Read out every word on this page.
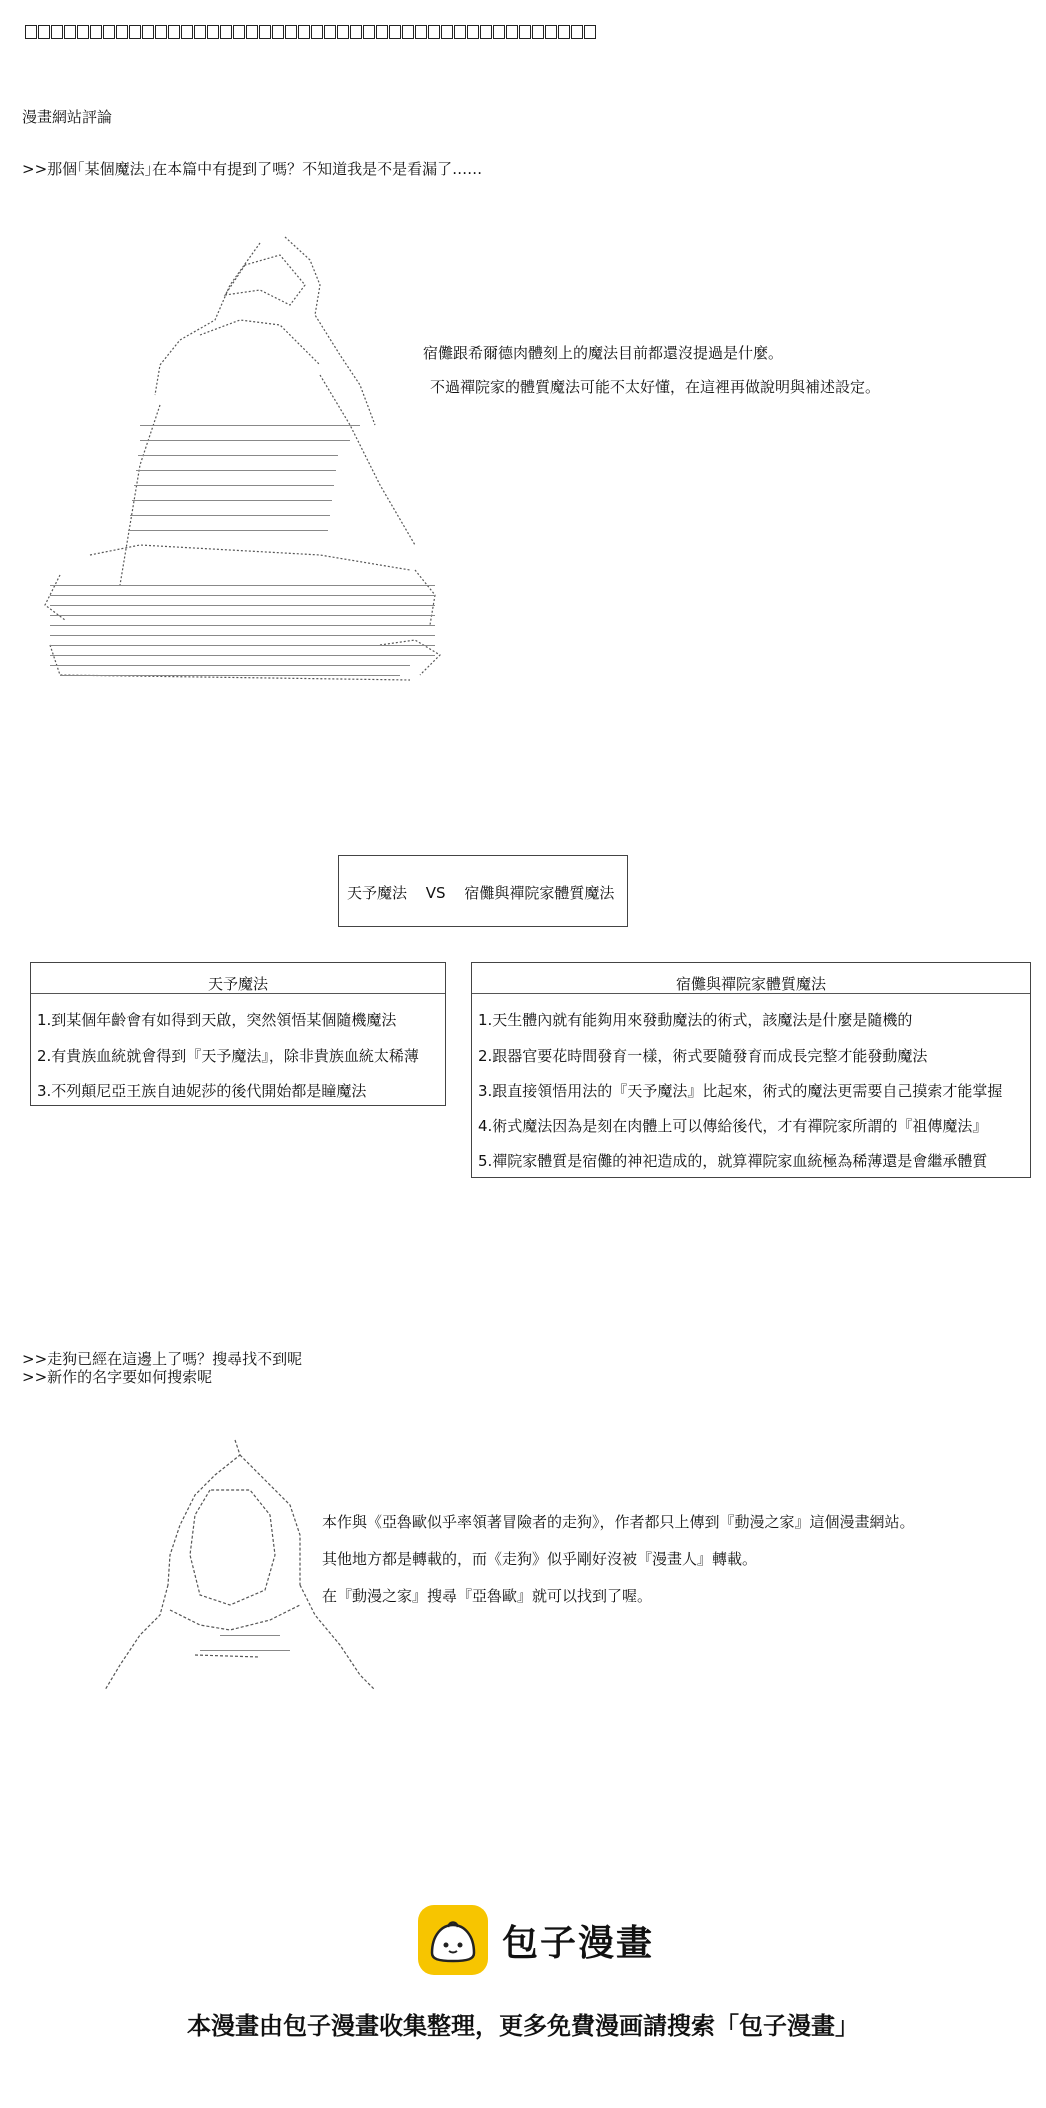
漫畫網站評論
>>那個｢某個魔法｣在本篇中有提到了嗎？不知道我是不是看漏了……
宿儺跟希爾德肉體刻上的魔法目前都還沒提過是什麼。
不過禪院家的體質魔法可能不太好懂，在這裡再做說明與補述設定。
天予魔法 VS 宿儺與禪院家體質魔法
天予魔法
1.到某個年齡會有如得到天啟，突然領悟某個隨機魔法
2.有貴族血統就會得到『天予魔法』，除非貴族血統太稀薄
3.不列顛尼亞王族自迪妮莎的後代開始都是瞳魔法
宿儺與禪院家體質魔法
1.天生體內就有能夠用來發動魔法的術式，該魔法是什麼是隨機的
2.跟器官要花時間發育一樣，術式要隨發育而成長完整才能發動魔法
3.跟直接領悟用法的『天予魔法』比起來，術式的魔法更需要自己摸索才能掌握
4.術式魔法因為是刻在肉體上可以傳給後代，才有禪院家所謂的『祖傳魔法』
5.禪院家體質是宿儺的神祀造成的，就算禪院家血統極為稀薄還是會繼承體質
>>走狗已經在這邊上了嗎？搜尋找不到呢
>>新作的名字要如何搜索呢
本作與《亞魯歐似乎率領著冒險者的走狗》，作者都只上傳到『動漫之家』這個漫畫網站。
其他地方都是轉載的，而《走狗》似乎剛好沒被『漫畫人』轉載。
在『動漫之家』搜尋『亞魯歐』就可以找到了喔。
包子漫畫
本漫畫由包子漫畫收集整理，更多免費漫画請搜索「包子漫畫」
